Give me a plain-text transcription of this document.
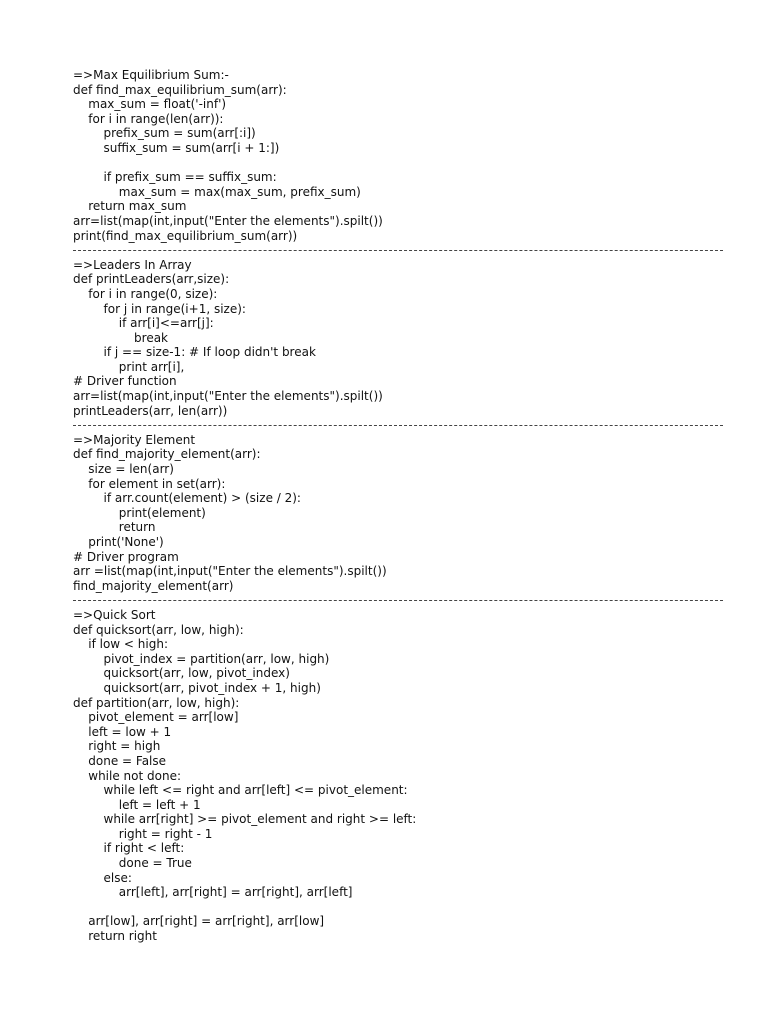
=>Max Equilibrium Sum:-
def find_max_equilibrium_sum(arr):
max_sum = float('-inf')
for i in range(len(arr)):
prefix_sum = sum(arr[:i])
suffix_sum = sum(arr[i + 1:])
if prefix_sum == suffix_sum:
max_sum = max(max_sum, prefix_sum)
return max_sum
arr=list(map(int,input("Enter the elements").spilt())
print(find_max_equilibrium_sum(arr))
=>Leaders In Array
def printLeaders(arr,size):
for i in range(0, size):
for j in range(i+1, size):
if arr[i]<=arr[j]:
break
if j == size-1: # If loop didn't break
print arr[i],
# Driver function
arr=list(map(int,input("Enter the elements").spilt())
printLeaders(arr, len(arr))
=>Majority Element
def find_majority_element(arr):
size = len(arr)
for element in set(arr):
if arr.count(element) > (size / 2):
print(element)
return
print('None')
# Driver program
arr =list(map(int,input("Enter the elements").spilt())
find_majority_element(arr)
=>Quick Sort
def quicksort(arr, low, high):
if low < high:
pivot_index = partition(arr, low, high)
quicksort(arr, low, pivot_index)
quicksort(arr, pivot_index + 1, high)
def partition(arr, low, high):
pivot_element = arr[low]
left = low + 1
right = high
done = False
while not done:
while left <= right and arr[left] <= pivot_element:
left = left + 1
while arr[right] >= pivot_element and right >= left:
right = right - 1
if right < left:
done = True
else:
arr[left], arr[right] = arr[right], arr[left]
arr[low], arr[right] = arr[right], arr[low]
return right
